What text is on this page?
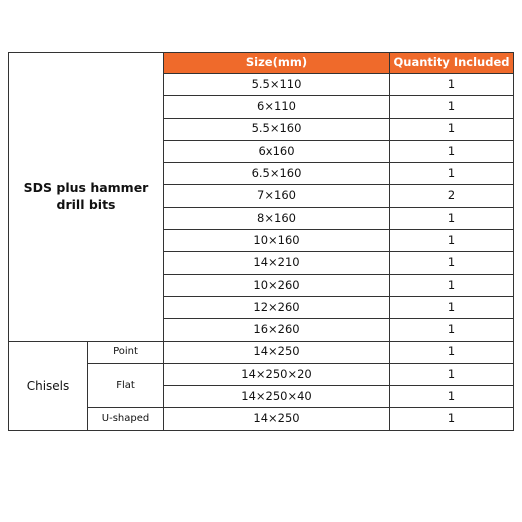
SDS plus hammer
drill bits		Size(mm)	Quantity Included
		5.5×110	1
		6×110	1
		5.5×160	1
		6x160	1
		6.5×160	1
		7×160	2
		8×160	1
		10×160	1
		14×210	1
		10×260	1
		12×260	1
		16×260	1
Chisels	Point	14×250	1
	Flat	14×250×20	1
		14×250×40	1
	U-shaped	14×250	1
